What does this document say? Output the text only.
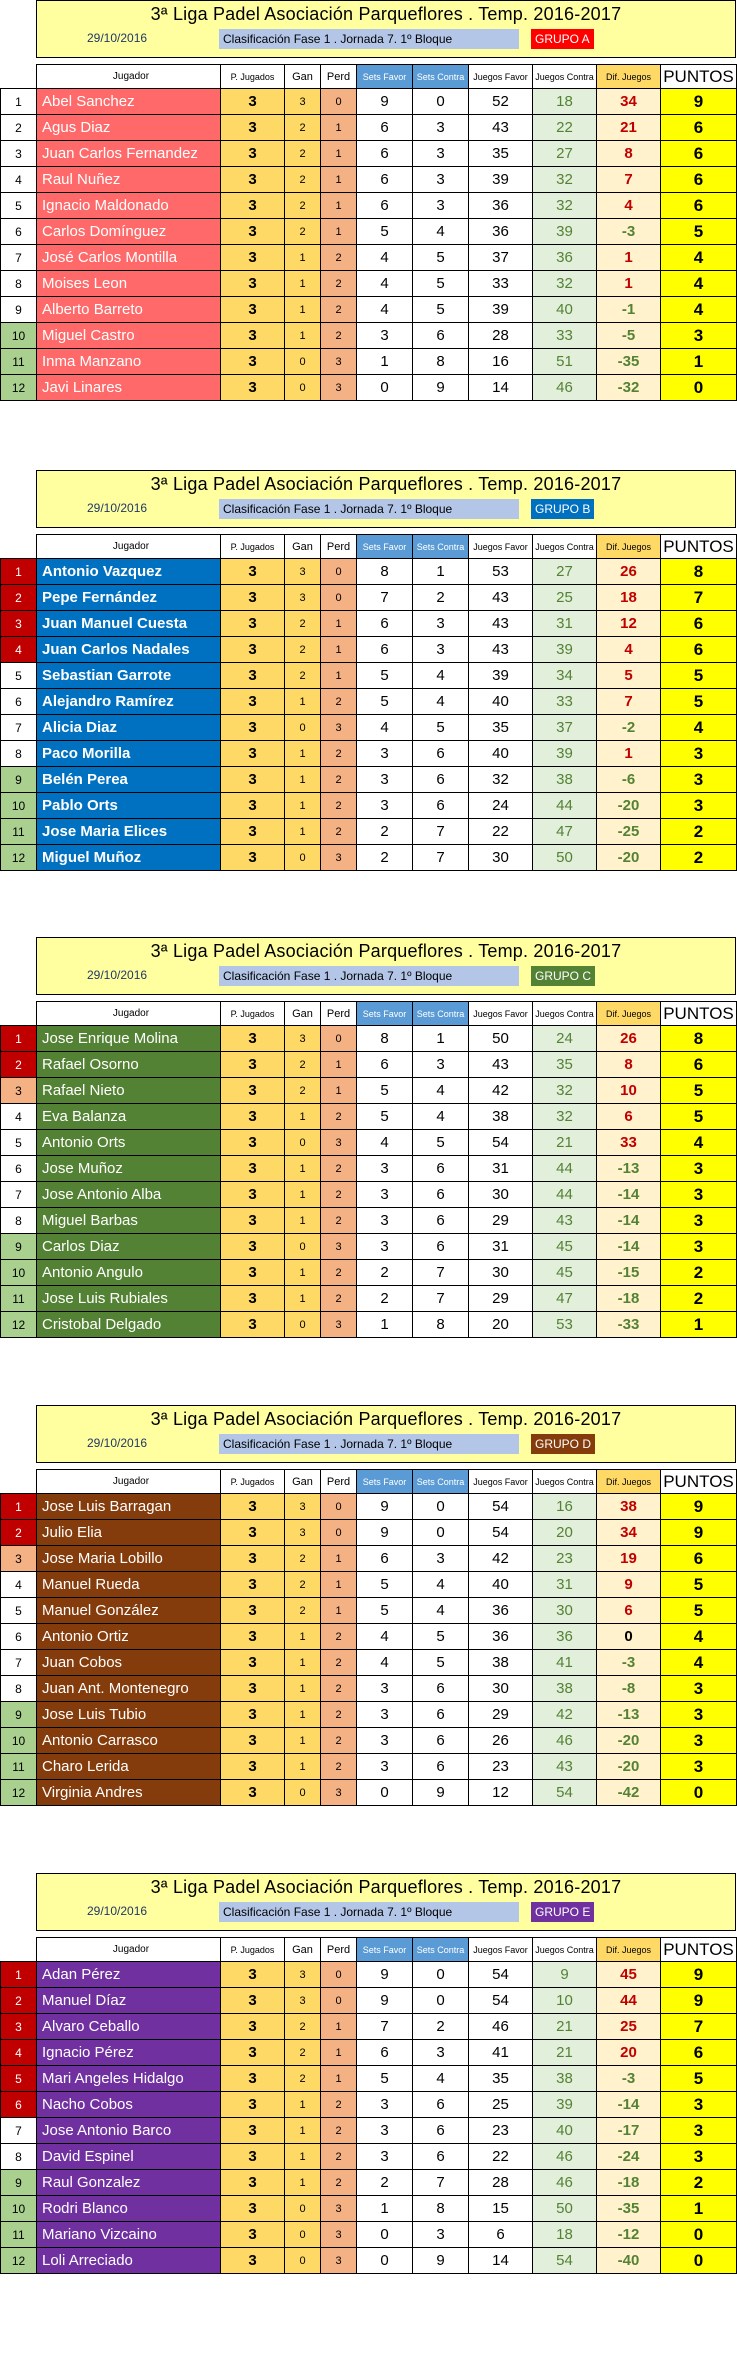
3ª Liga Padel Asociación Parqueflores . Temp. 2016-2017
29/10/2016	Clasificación Fase 1 . Jornada 7. 1º Bloque	GRUPO A
	Jugador	P. Jugados	Gan	Perd	Sets Favor	Sets Contra	Juegos Favor	Juegos Contra	Dif. Juegos	PUNTOS
1	Abel Sanchez	3	3	0	9	0	52	18	34	9
2	Agus Diaz	3	2	1	6	3	43	22	21	6
3	Juan Carlos Fernandez	3	2	1	6	3	35	27	8	6
4	Raul Nuñez	3	2	1	6	3	39	32	7	6
5	Ignacio Maldonado	3	2	1	6	3	36	32	4	6
6	Carlos Domínguez	3	2	1	5	4	36	39	-3	5
7	José Carlos Montilla	3	1	2	4	5	37	36	1	4
8	Moises Leon	3	1	2	4	5	33	32	1	4
9	Alberto Barreto	3	1	2	4	5	39	40	-1	4
10	Miguel Castro	3	1	2	3	6	28	33	-5	3
11	Inma Manzano	3	0	3	1	8	16	51	-35	1
12	Javi Linares	3	0	3	0	9	14	46	-32	0
3ª Liga Padel Asociación Parqueflores . Temp. 2016-2017
29/10/2016	Clasificación Fase 1 . Jornada 7. 1º Bloque	GRUPO B
	Jugador	P. Jugados	Gan	Perd	Sets Favor	Sets Contra	Juegos Favor	Juegos Contra	Dif. Juegos	PUNTOS
1	Antonio Vazquez	3	3	0	8	1	53	27	26	8
2	Pepe Fernández	3	3	0	7	2	43	25	18	7
3	Juan Manuel Cuesta	3	2	1	6	3	43	31	12	6
4	Juan Carlos Nadales	3	2	1	6	3	43	39	4	6
5	Sebastian Garrote	3	2	1	5	4	39	34	5	5
6	Alejandro Ramírez	3	1	2	5	4	40	33	7	5
7	Alicia Diaz	3	0	3	4	5	35	37	-2	4
8	Paco Morilla	3	1	2	3	6	40	39	1	3
9	Belén Perea	3	1	2	3	6	32	38	-6	3
10	Pablo Orts	3	1	2	3	6	24	44	-20	3
11	Jose Maria Elices	3	1	2	2	7	22	47	-25	2
12	Miguel Muñoz	3	0	3	2	7	30	50	-20	2
3ª Liga Padel Asociación Parqueflores . Temp. 2016-2017
29/10/2016	Clasificación Fase 1 . Jornada 7. 1º Bloque	GRUPO C
	Jugador	P. Jugados	Gan	Perd	Sets Favor	Sets Contra	Juegos Favor	Juegos Contra	Dif. Juegos	PUNTOS
1	Jose Enrique Molina	3	3	0	8	1	50	24	26	8
2	Rafael Osorno	3	2	1	6	3	43	35	8	6
3	Rafael Nieto	3	2	1	5	4	42	32	10	5
4	Eva Balanza	3	1	2	5	4	38	32	6	5
5	Antonio Orts	3	0	3	4	5	54	21	33	4
6	Jose Muñoz	3	1	2	3	6	31	44	-13	3
7	Jose Antonio Alba	3	1	2	3	6	30	44	-14	3
8	Miguel Barbas	3	1	2	3	6	29	43	-14	3
9	Carlos Diaz	3	0	3	3	6	31	45	-14	3
10	Antonio Angulo	3	1	2	2	7	30	45	-15	2
11	Jose Luis Rubiales	3	1	2	2	7	29	47	-18	2
12	Cristobal Delgado	3	0	3	1	8	20	53	-33	1
3ª Liga Padel Asociación Parqueflores . Temp. 2016-2017
29/10/2016	Clasificación Fase 1 . Jornada 7. 1º Bloque	GRUPO D
	Jugador	P. Jugados	Gan	Perd	Sets Favor	Sets Contra	Juegos Favor	Juegos Contra	Dif. Juegos	PUNTOS
1	Jose Luis Barragan	3	3	0	9	0	54	16	38	9
2	Julio Elia	3	3	0	9	0	54	20	34	9
3	Jose Maria Lobillo	3	2	1	6	3	42	23	19	6
4	Manuel Rueda	3	2	1	5	4	40	31	9	5
5	Manuel González	3	2	1	5	4	36	30	6	5
6	Antonio Ortiz	3	1	2	4	5	36	36	0	4
7	Juan Cobos	3	1	2	4	5	38	41	-3	4
8	Juan Ant. Montenegro	3	1	2	3	6	30	38	-8	3
9	Jose Luis Tubio	3	1	2	3	6	29	42	-13	3
10	Antonio Carrasco	3	1	2	3	6	26	46	-20	3
11	Charo Lerida	3	1	2	3	6	23	43	-20	3
12	Virginia Andres	3	0	3	0	9	12	54	-42	0
3ª Liga Padel Asociación Parqueflores . Temp. 2016-2017
29/10/2016	Clasificación Fase 1 . Jornada 7. 1º Bloque	GRUPO E
	Jugador	P. Jugados	Gan	Perd	Sets Favor	Sets Contra	Juegos Favor	Juegos Contra	Dif. Juegos	PUNTOS
1	Adan Pérez	3	3	0	9	0	54	9	45	9
2	Manuel Díaz	3	3	0	9	0	54	10	44	9
3	Alvaro Ceballo	3	2	1	7	2	46	21	25	7
4	Ignacio Pérez	3	2	1	6	3	41	21	20	6
5	Mari Angeles Hidalgo	3	2	1	5	4	35	38	-3	5
6	Nacho Cobos	3	1	2	3	6	25	39	-14	3
7	Jose Antonio Barco	3	1	2	3	6	23	40	-17	3
8	David Espinel	3	1	2	3	6	22	46	-24	3
9	Raul Gonzalez	3	1	2	2	7	28	46	-18	2
10	Rodri Blanco	3	0	3	1	8	15	50	-35	1
11	Mariano Vizcaino	3	0	3	0	3	6	18	-12	0
12	Loli Arreciado	3	0	3	0	9	14	54	-40	0
